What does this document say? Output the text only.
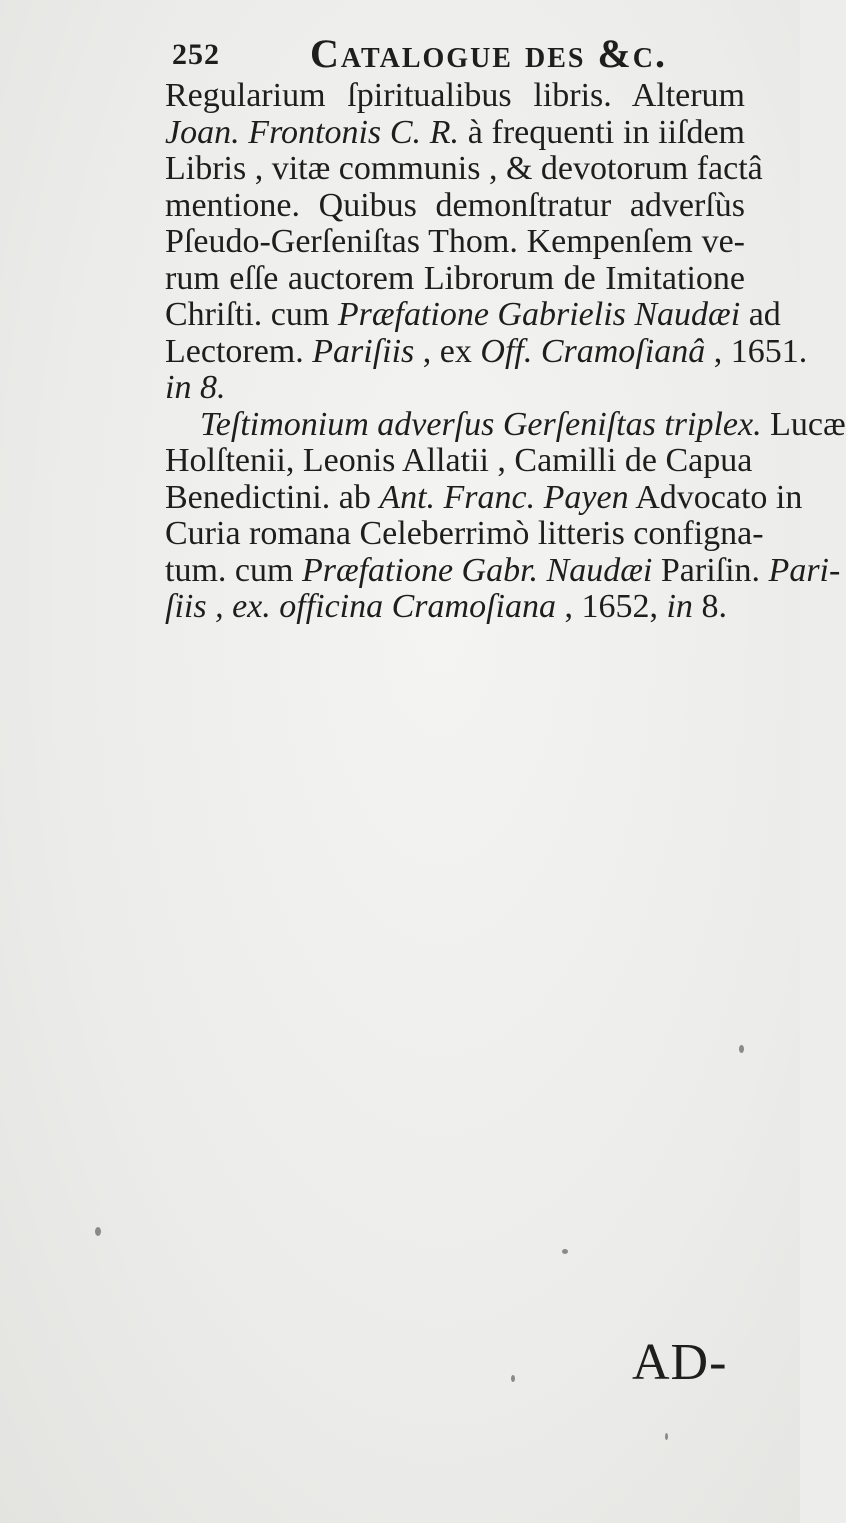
252 Catalogue des &c.
Regularium ſpiritualibus libris. Alterum
Joan. Frontonis C. R. à frequenti in iiſdem
Libris , vitæ communis , & devotorum factâ
mentione. Quibus demonſtratur adverſùs
Pſeudo-Gerſeniſtas Thom. Kempenſem ve-
rum eſſe auctorem Librorum de Imitatione
Chriſti. cum Præfatione Gabrielis Naudæi ad
Lectorem. Pariſiis , ex Off. Cramoſianâ , 1651.
in 8.
Teſtimonium adverſus Gerſeniſtas triplex. Lucæ
Holſtenii, Leonis Allatii , Camilli de Capua
Benedictini. ab Ant. Franc. Payen Advocato in
Curia romana Celeberrimò litteris confignа-
tum. cum Præfatione Gabr. Naudæi Pariſin. Pari-
ſiis , ex. officina Cramoſiana , 1652, in 8.
AD-
